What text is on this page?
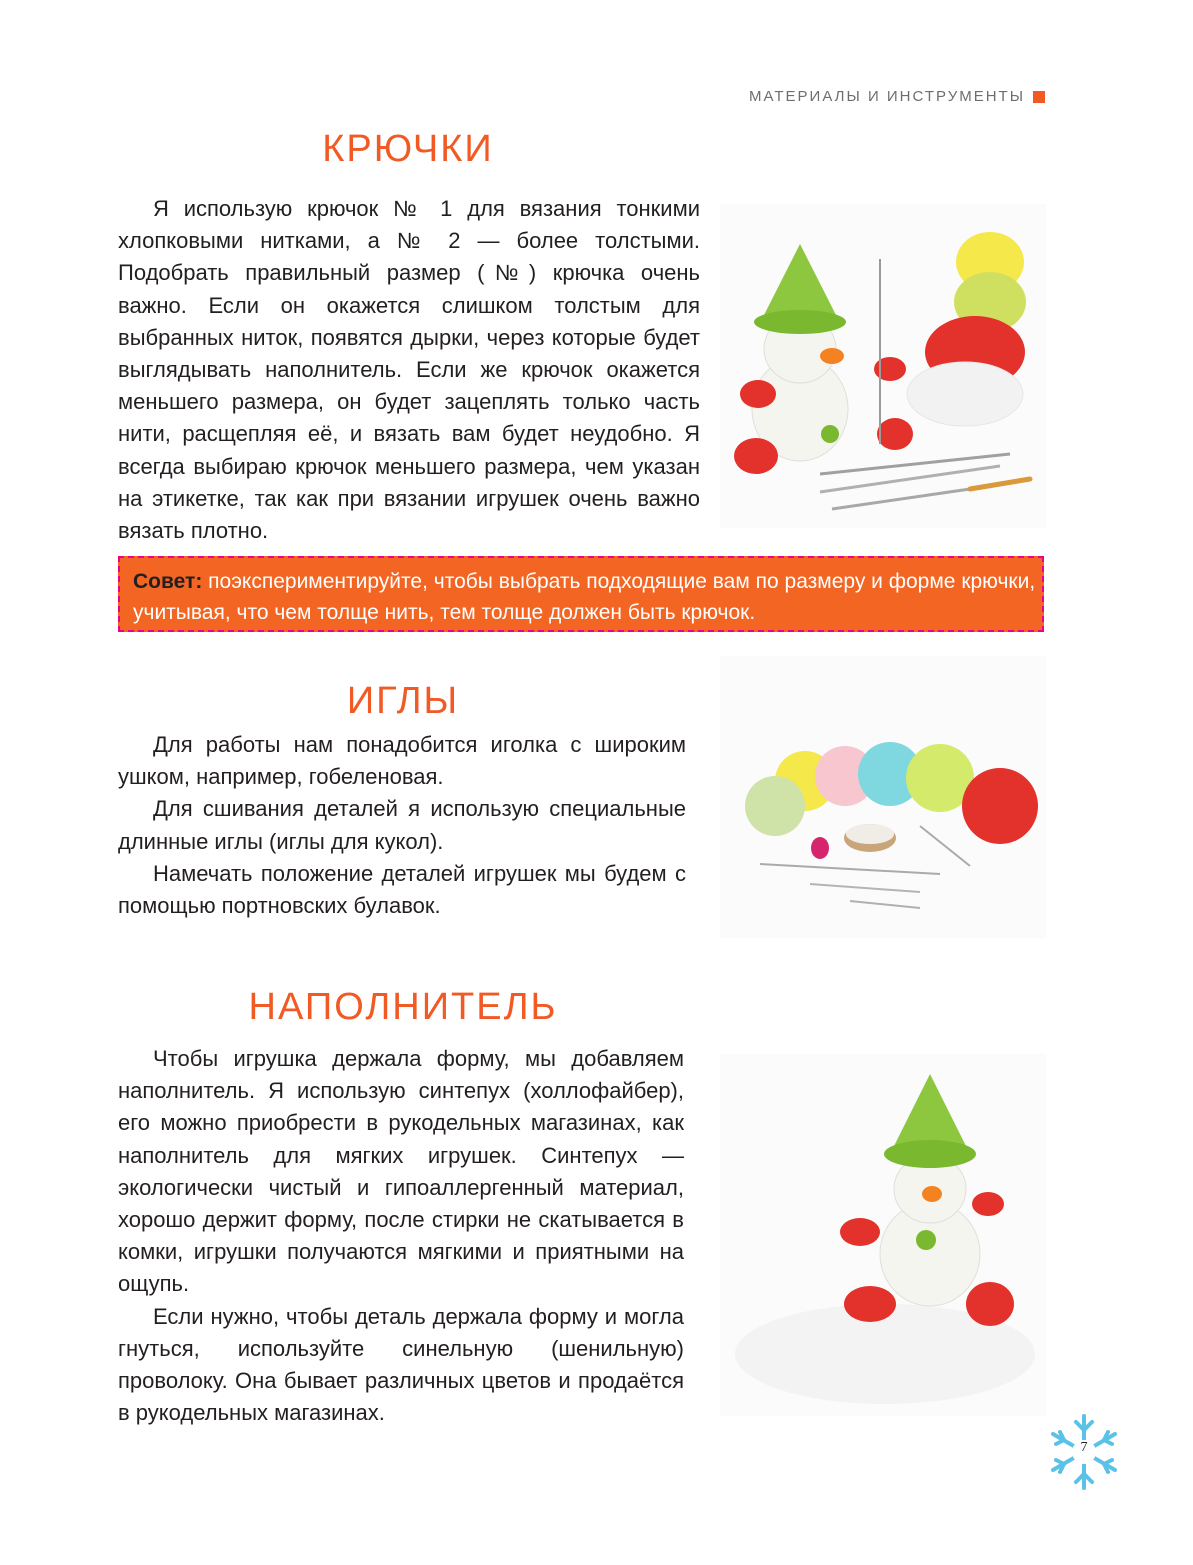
МАТЕРИАЛЫ И ИНСТРУМЕНТЫ
КРЮЧКИ

Я использую крючок № 1 для вязания тонкими хлопковыми нитками, а № 2 — более толстыми. Подобрать правильный размер (№) крючка очень важно. Если он окажется слишком толстым для выбранных ниток, появятся дырки, через которые будет выглядывать наполнитель. Если же крючок окажется меньшего размера, он будет зацеплять только часть нити, расщепляя её, и вязать вам будет неудобно. Я всегда выбираю крючок меньшего размера, чем указан на этикетке, так как при вязании игрушек очень важно вязать плотно.

Совет: поэкспериментируйте, чтобы выбрать подходящие вам по размеру и форме крючки, учитывая, что чем толще нить, тем толще должен быть крючок.
ИГЛЫ

Для работы нам понадобится иголка с широким ушком, например, гобеленовая.

Для сшивания деталей я использую специальные длинные иглы (иглы для кукол).

Намечать положение деталей игрушек мы будем с помощью портновских булавок.

НАПОЛНИТЕЛЬ

Чтобы игрушка держала форму, мы добавляем наполнитель. Я использую синтепух (холлофайбер), его можно приобрести в рукодельных магазинах, как наполнитель для мягких игрушек. Синтепух — экологически чистый и гипоаллергенный материал, хорошо держит форму, после стирки не скатывается в комки, игрушки получаются мягкими и приятными на ощупь.

Если нужно, чтобы деталь держала форму и могла гнуться, используйте синельную (шенильную) проволоку. Она бывает различных цветов и продаётся в рукодельных магазинах.

7
